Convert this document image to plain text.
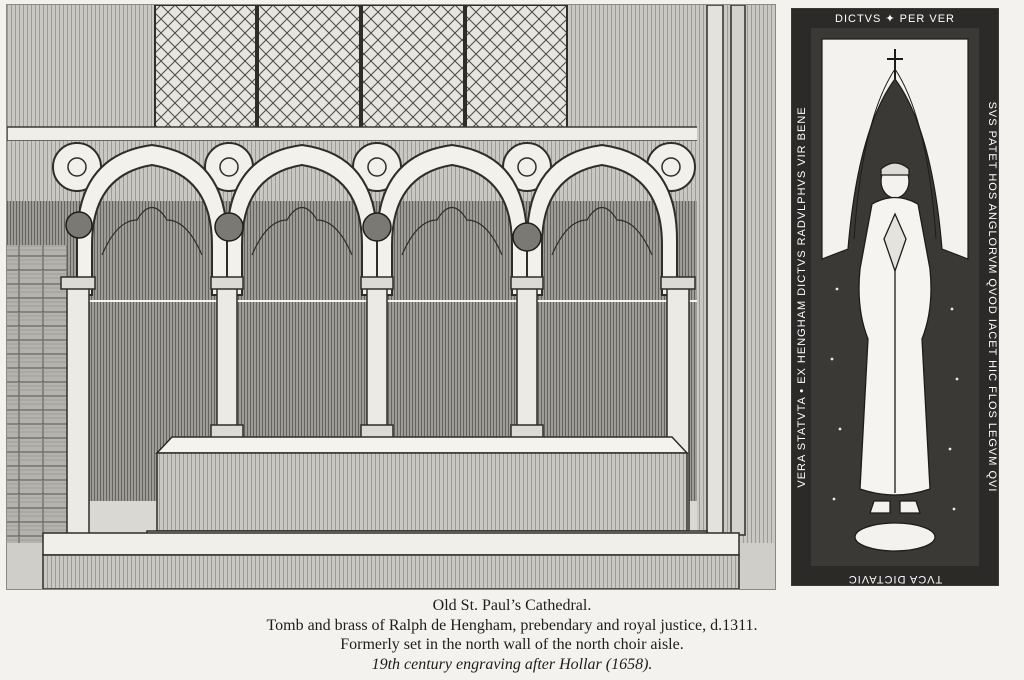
DICTVS ✦ PER VER
SVS PATET HOS ANGLORVM QVOD IACET HIC FLOS LEGVM QVI
TVCA DICTAVIC
VERA STATVTA • EX HENGHAM DICTVS RADVLPHVS VIR BENE
Old St. Paul’s Cathedral.
Tomb and brass of Ralph de Hengham, prebendary and royal justice, d.1311.
Formerly set in the north wall of the north choir aisle.
19th century engraving after Hollar (1658).
